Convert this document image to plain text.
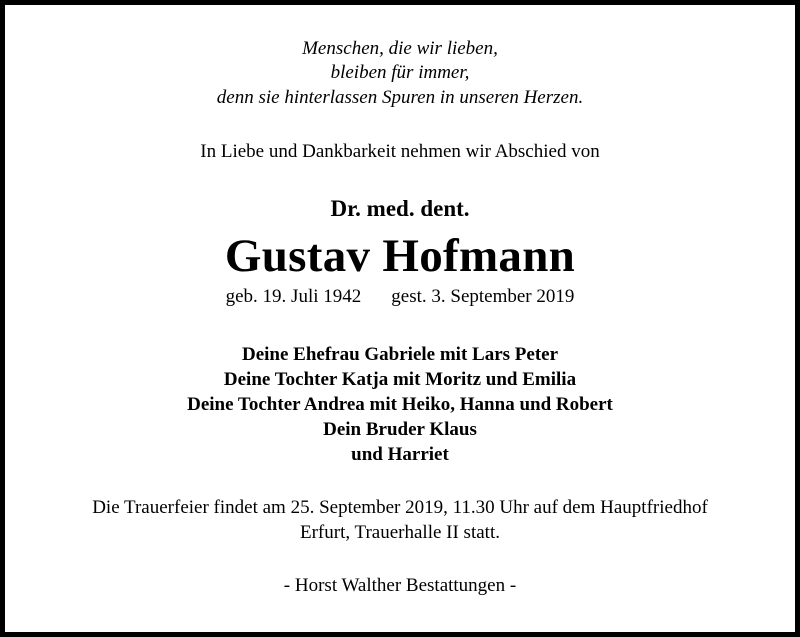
Menschen, die wir lieben,

bleiben für immer,

denn sie hinterlassen Spuren in unseren Herzen.

In Liebe und Dankbarkeit nehmen wir Abschied von

Dr. med. dent.

Gustav Hofmann

geb. 19. Juli 1942 gest. 3. September 2019

Deine Ehefrau Gabriele mit Lars Peter

Deine Tochter Katja mit Moritz und Emilia

Deine Tochter Andrea mit Heiko, Hanna und Robert

Dein Bruder Klaus

und Harriet

Die Trauerfeier findet am 25. September 2019, 11.30 Uhr auf dem Hauptfriedhof

Erfurt, Trauerhalle II statt.

- Horst Walther Bestattungen -
